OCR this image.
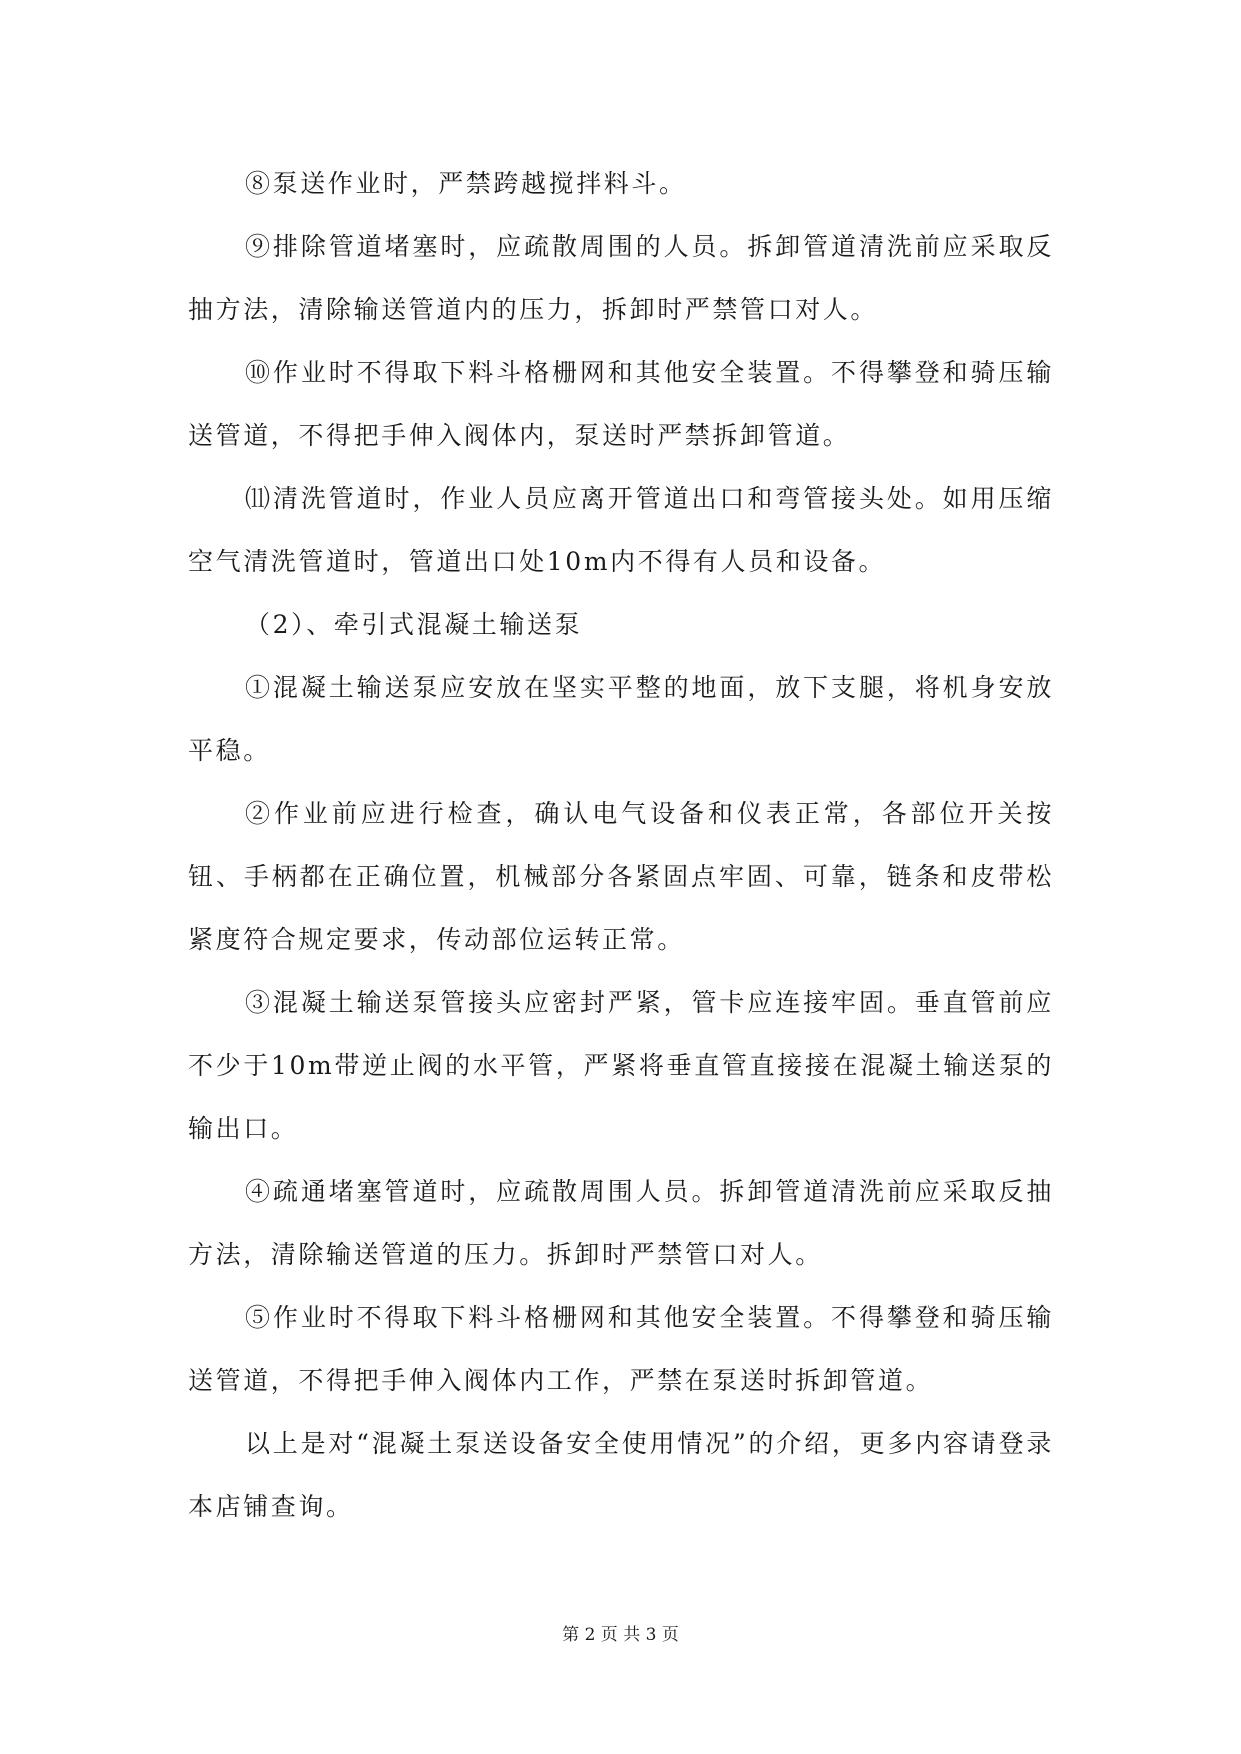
⑧泵送作业时，严禁跨越搅拌料斗。

⑨排除管道堵塞时，应疏散周围的人员。拆卸管道清洗前应采取反抽方法，清除输送管道内的压力，拆卸时严禁管口对人。

⑩作业时不得取下料斗格栅网和其他安全装置。不得攀登和骑压输送管道，不得把手伸入阀体内，泵送时严禁拆卸管道。

⑾清洗管道时，作业人员应离开管道出口和弯管接头处。如用压缩空气清洗管道时，管道出口处10m内不得有人员和设备。

（2）、牵引式混凝土输送泵

①混凝土输送泵应安放在坚实平整的地面，放下支腿，将机身安放平稳。

②作业前应进行检查，确认电气设备和仪表正常，各部位开关按钮、手柄都在正确位置，机械部分各紧固点牢固、可靠，链条和皮带松紧度符合规定要求，传动部位运转正常。

③混凝土输送泵管接头应密封严紧，管卡应连接牢固。垂直管前应不少于10m带逆止阀的水平管，严紧将垂直管直接接在混凝土输送泵的输出口。

④疏通堵塞管道时，应疏散周围人员。拆卸管道清洗前应采取反抽方法，清除输送管道的压力。拆卸时严禁管口对人。

⑤作业时不得取下料斗格栅网和其他安全装置。不得攀登和骑压输送管道，不得把手伸入阀体内工作，严禁在泵送时拆卸管道。

以上是对“混凝土泵送设备安全使用情况”的介绍，更多内容请登录本店铺查询。

第 2 页 共 3 页
